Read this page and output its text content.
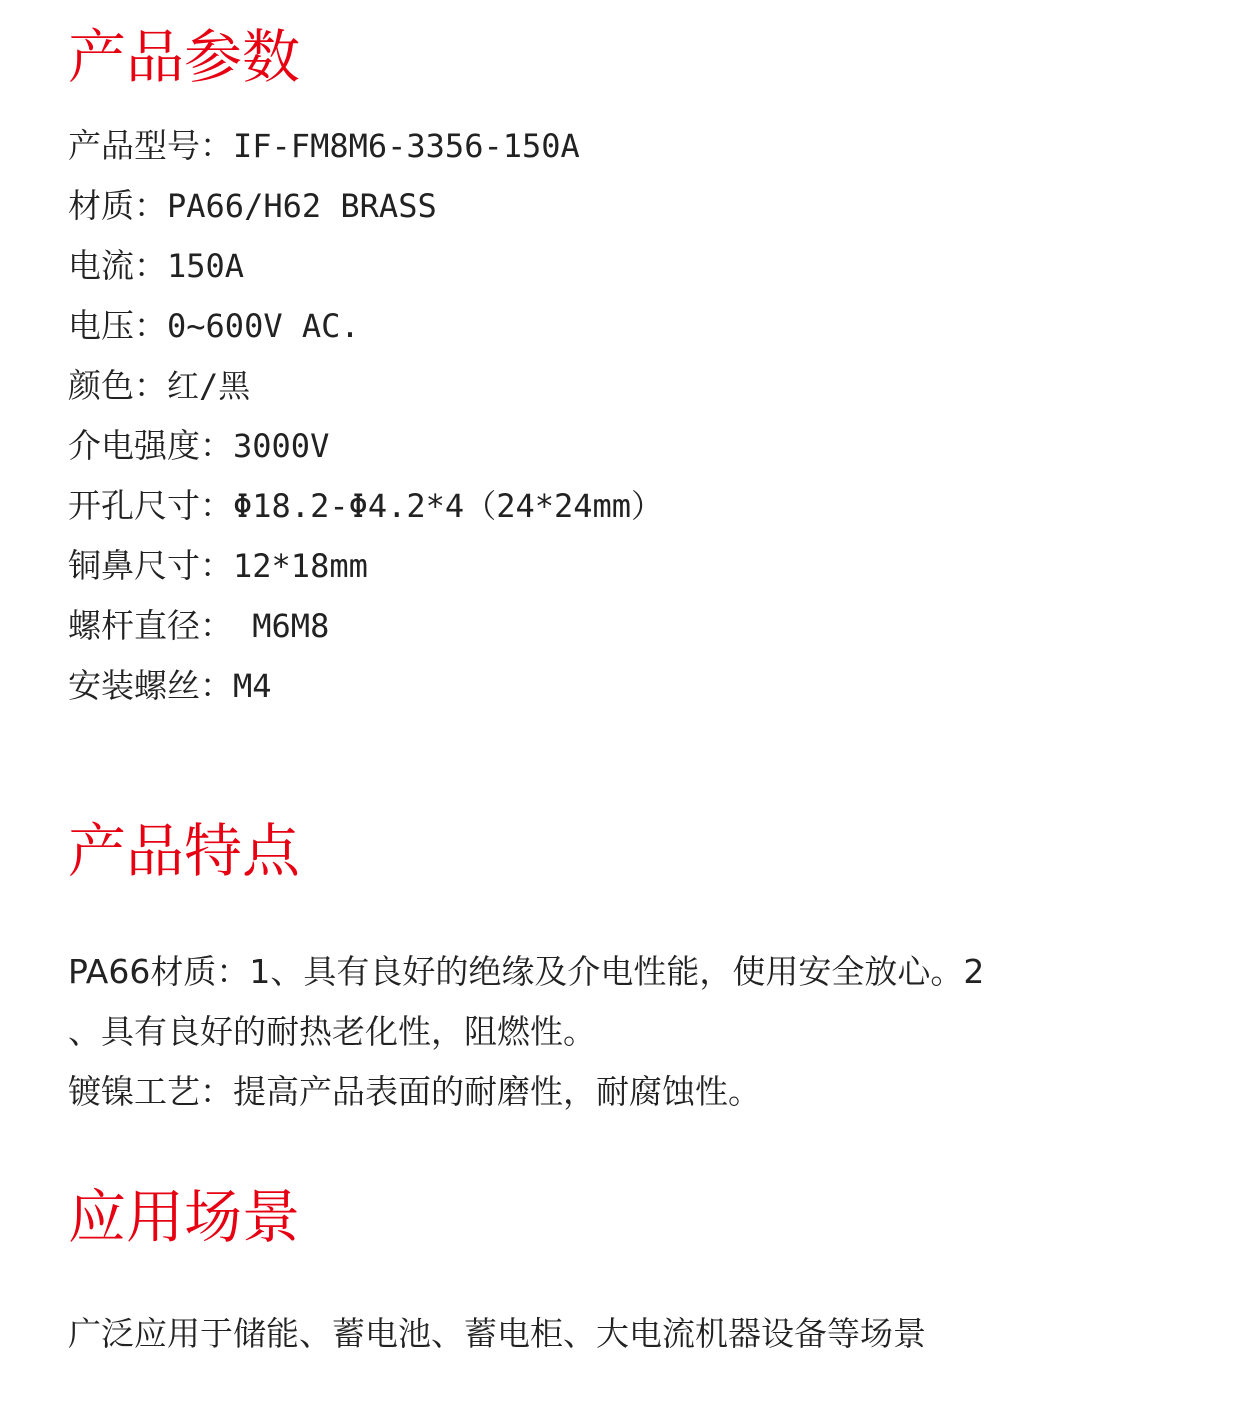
产品参数
产品型号：IF-FM8M6-3356-150A
材质：PA66/H62 BRASS
电流：150A
电压：0~600V AC.
颜色：红/黑
介电强度：3000V
开孔尺寸：Φ18.2-Φ4.2*4（24*24mm）
铜鼻尺寸：12*18mm
螺杆直径： M6M8
安装螺丝：M4
产品特点

PA66材质：1、具有良好的绝缘及介电性能，使用安全放心。2

、具有良好的耐热老化性，阻燃性。

镀镍工艺：提高产品表面的耐磨性，耐腐蚀性。

应用场景

广泛应用于储能、蓄电池、蓄电柜、大电流机器设备等场景
